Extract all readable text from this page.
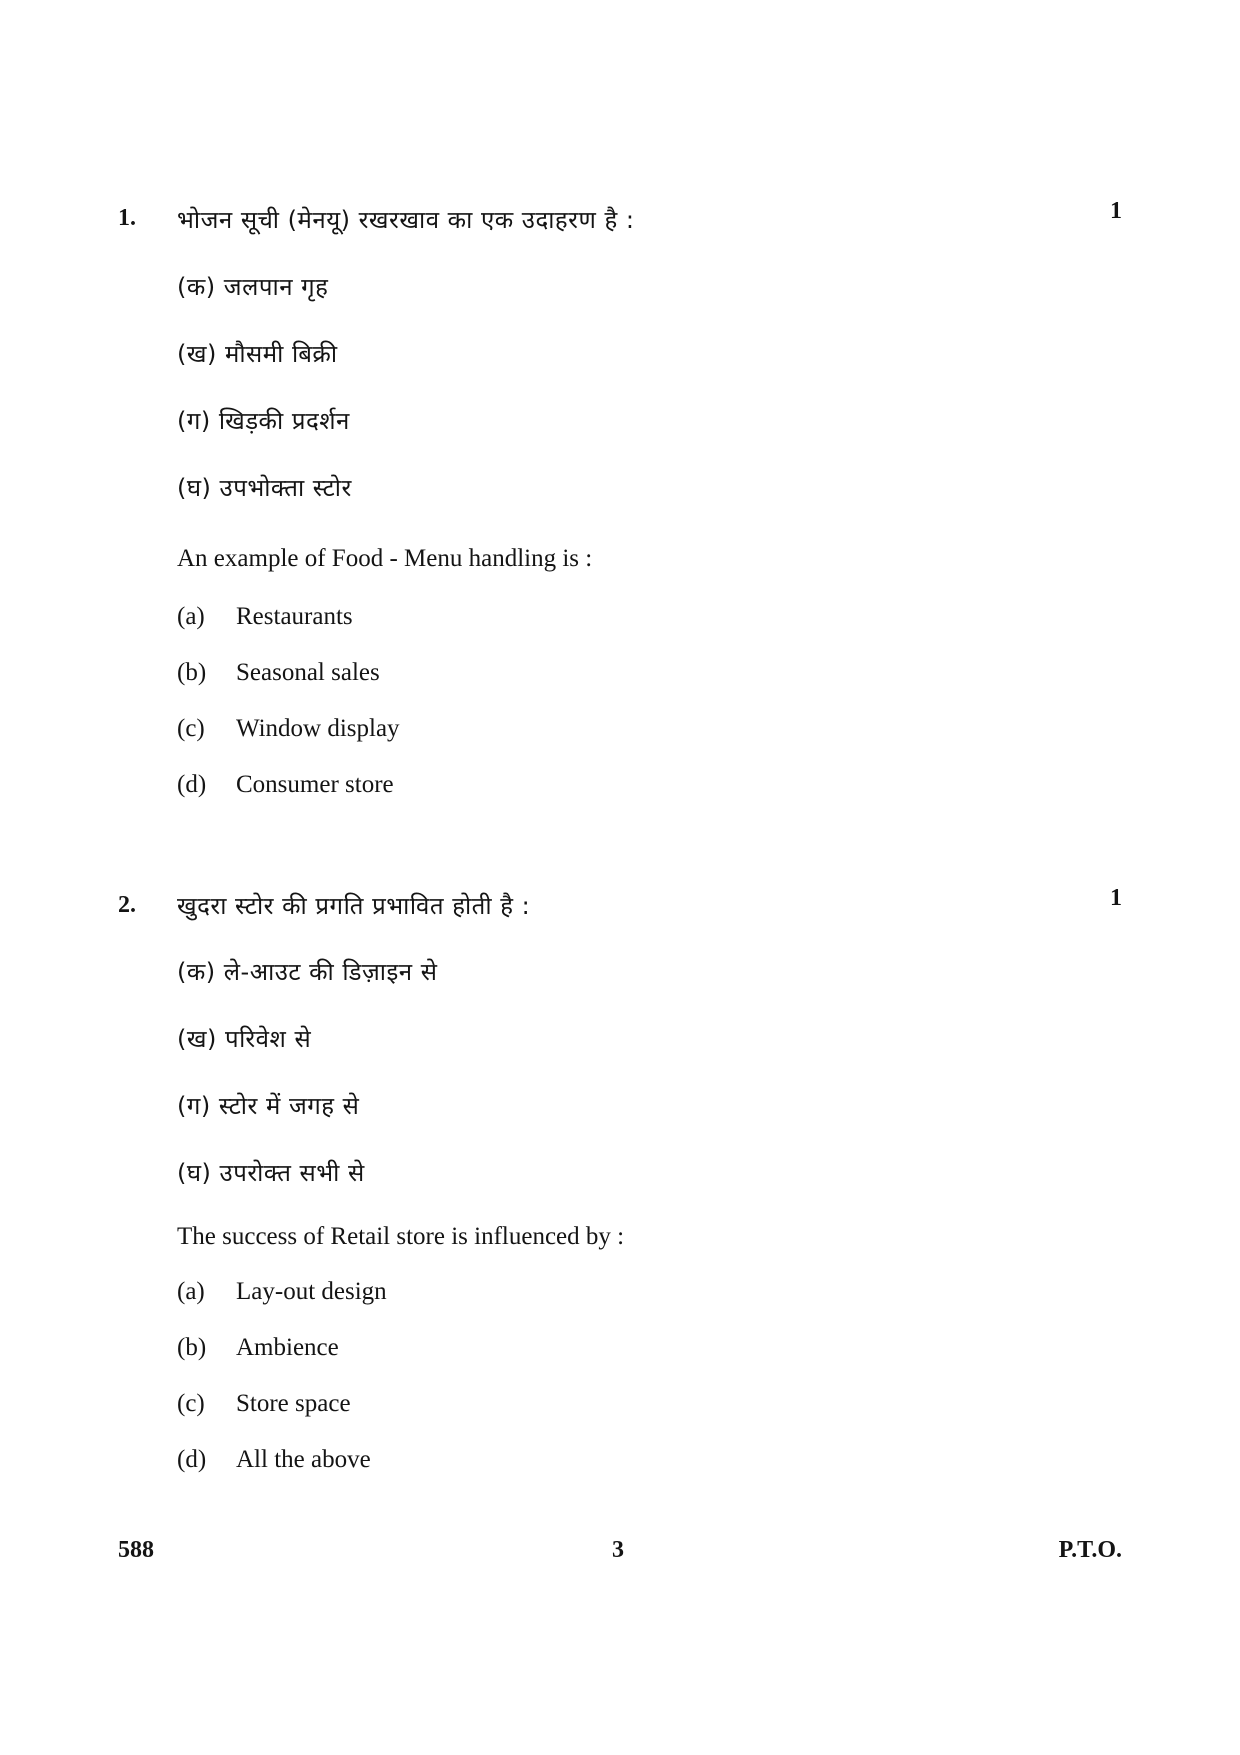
1.	1
भोजन सूची (मेनयू) रखरखाव का एक उदाहरण है :
(क) जलपान गृह
(ख) मौसमी बिक्री
(ग) खिड़की प्रदर्शन
(घ) उपभोक्ता स्टोर
An example of Food - Menu handling is :
(a) Restaurants
(b) Seasonal sales
(c) Window display
(d) Consumer store
2.	1
खुदरा स्टोर की प्रगति प्रभावित होती है :
(क) ले-आउट की डिज़ाइन से
(ख) परिवेश से
(ग) स्टोर में जगह से
(घ) उपरोक्त सभी से
The success of Retail store is influenced by :
(a) Lay-out design
(b) Ambience
(c) Store space
(d) All the above
588	3	P.T.O.
